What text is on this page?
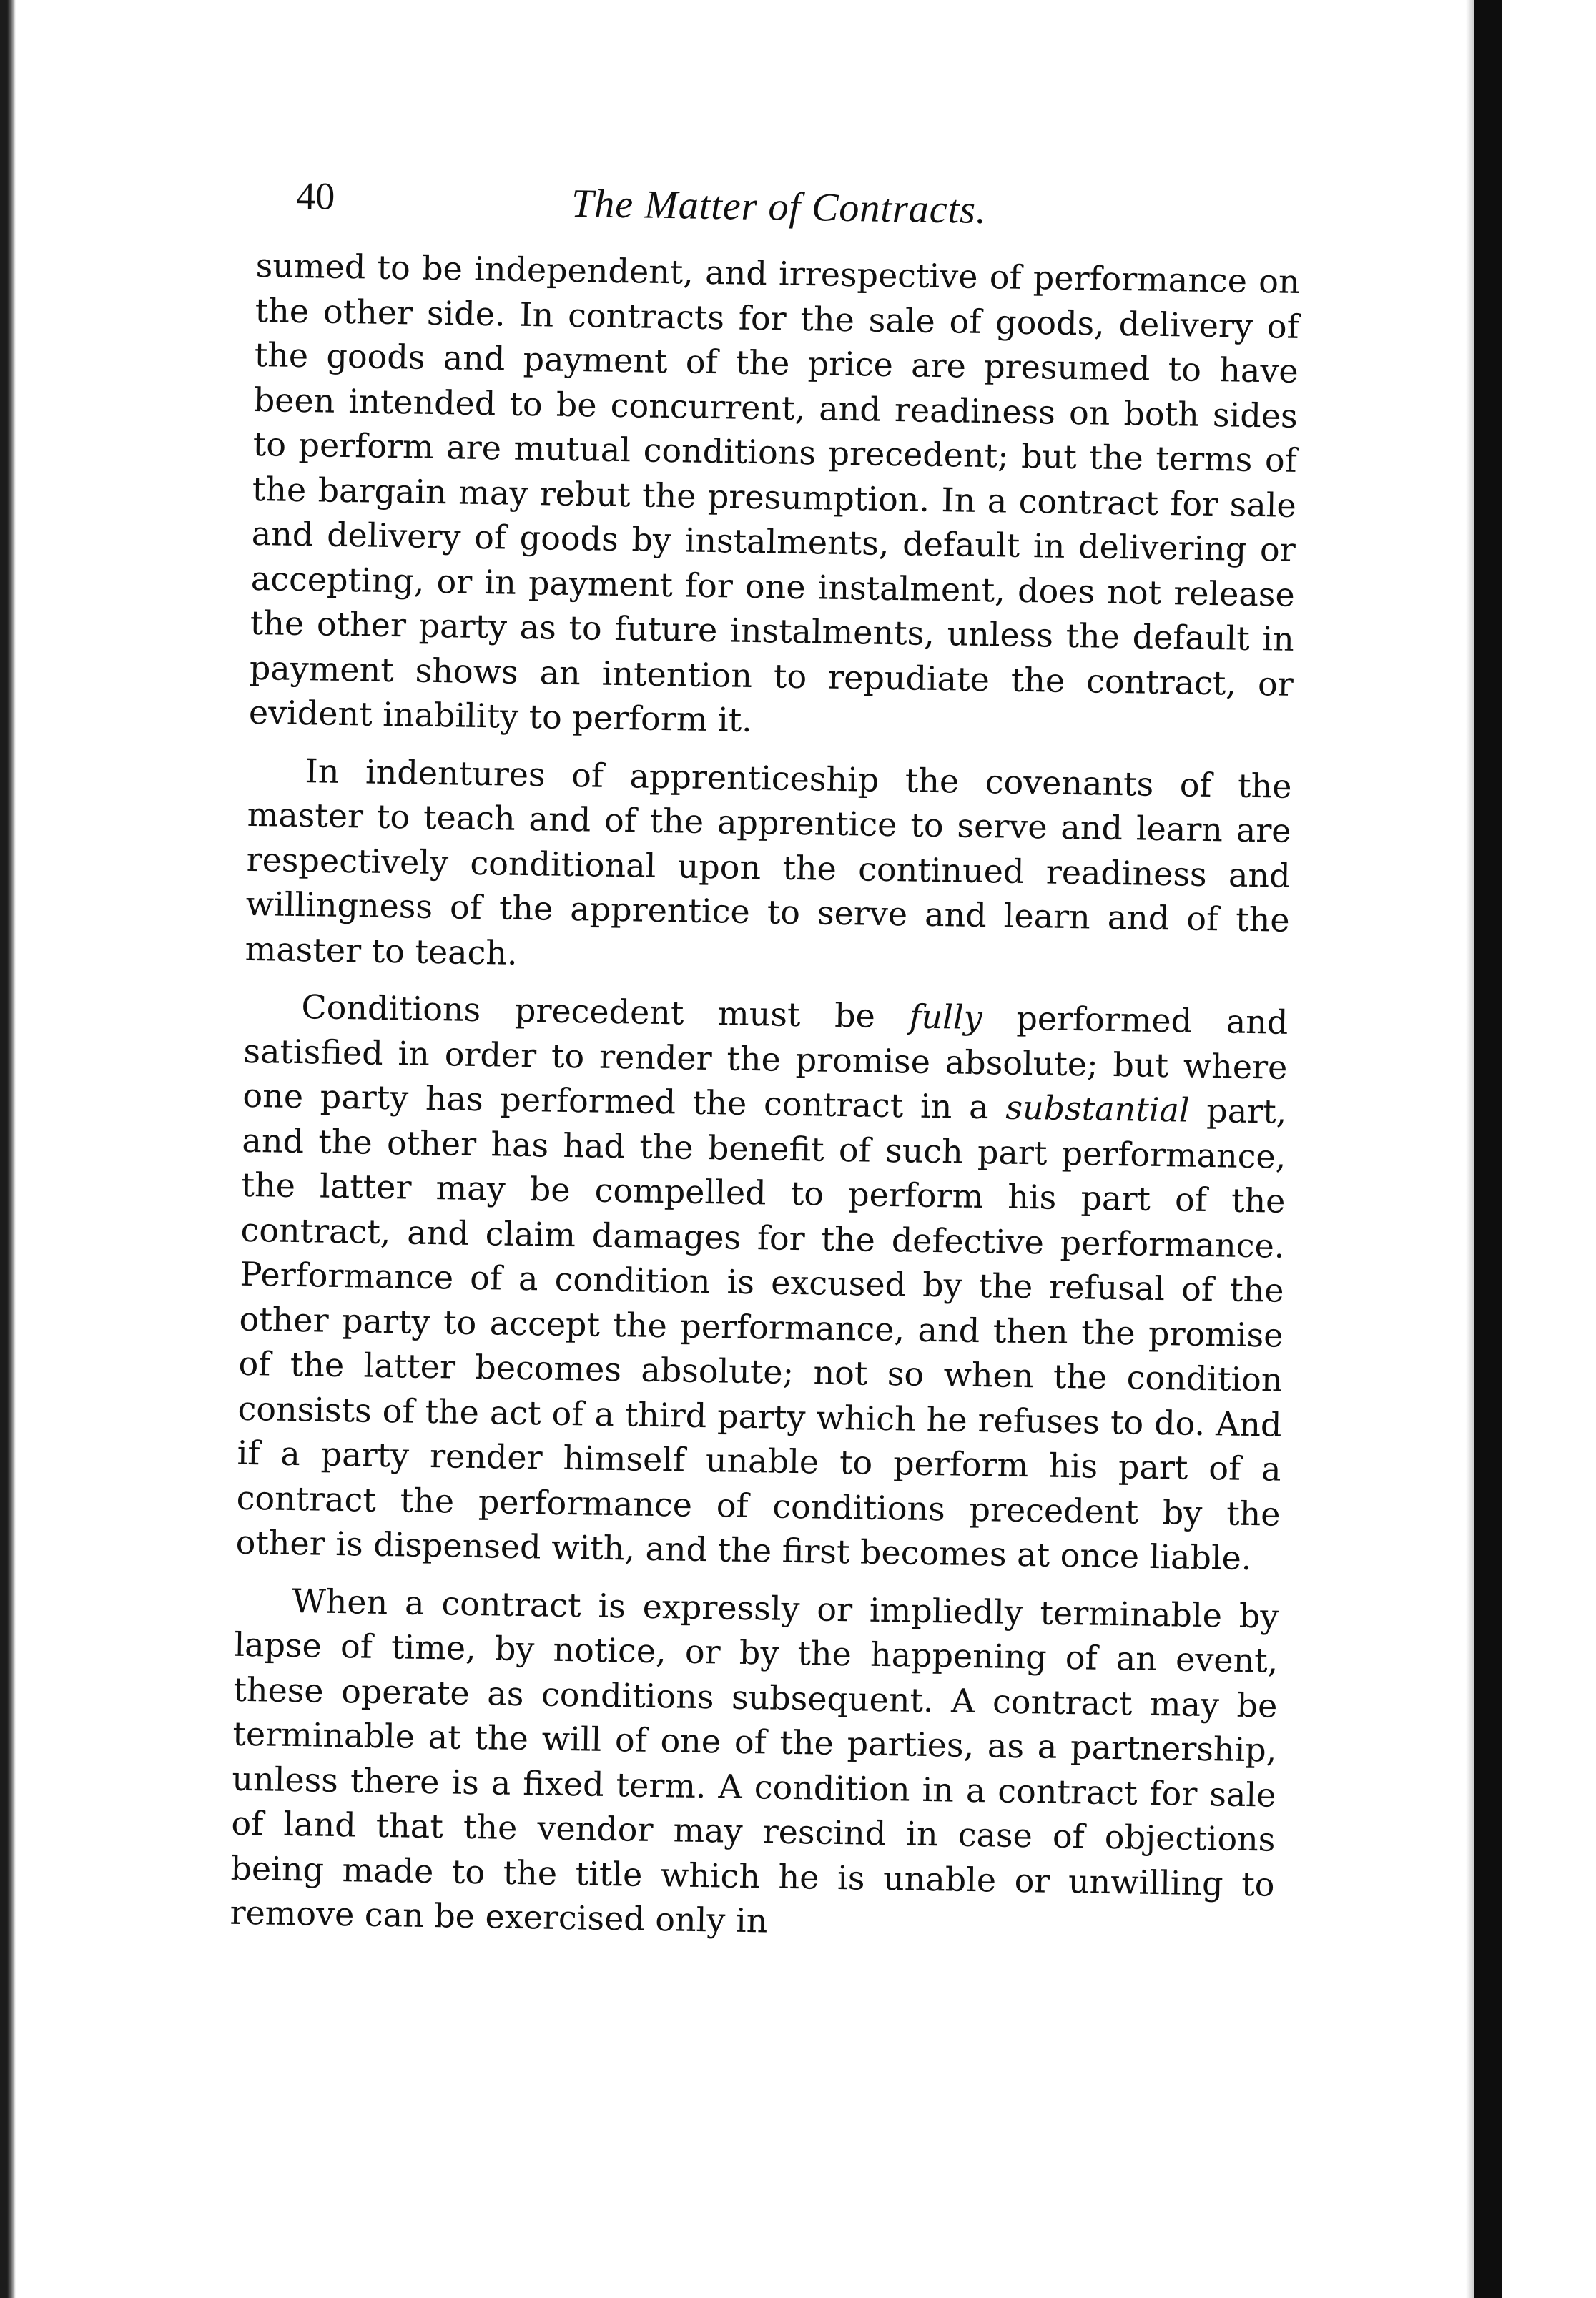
40	The Matter of Contracts.

sumed to be independent, and irrespective of performance on the other side. In contracts for the sale of goods, delivery of the goods and payment of the price are presumed to have been intended to be concurrent, and readiness on both sides to perform are mutual conditions precedent; but the terms of the bargain may rebut the presumption. In a contract for sale and delivery of goods by instalments, default in delivering or accepting, or in payment for one instalment, does not release the other party as to future instalments, unless the default in payment shows an intention to repudiate the contract, or evident inability to perform it.

In indentures of apprenticeship the covenants of the master to teach and of the apprentice to serve and learn are respectively conditional upon the continued readiness and willingness of the apprentice to serve and learn and of the master to teach.

Conditions precedent must be fully performed and satisfied in order to render the promise absolute; but where one party has performed the contract in a substantial part, and the other has had the benefit of such part performance, the latter may be compelled to perform his part of the contract, and claim damages for the defective performance. Performance of a condition is excused by the refusal of the other party to accept the performance, and then the promise of the latter becomes absolute; not so when the condition consists of the act of a third party which he refuses to do. And if a party render himself unable to perform his part of a contract the performance of conditions precedent by the other is dispensed with, and the first becomes at once liable.

When a contract is expressly or impliedly terminable by lapse of time, by notice, or by the happening of an event, these operate as conditions subsequent. A contract may be terminable at the will of one of the parties, as a partnership, unless there is a fixed term. A condition in a contract for sale of land that the vendor may rescind in case of objections being made to the title which he is unable or unwilling to remove can be exercised only in
